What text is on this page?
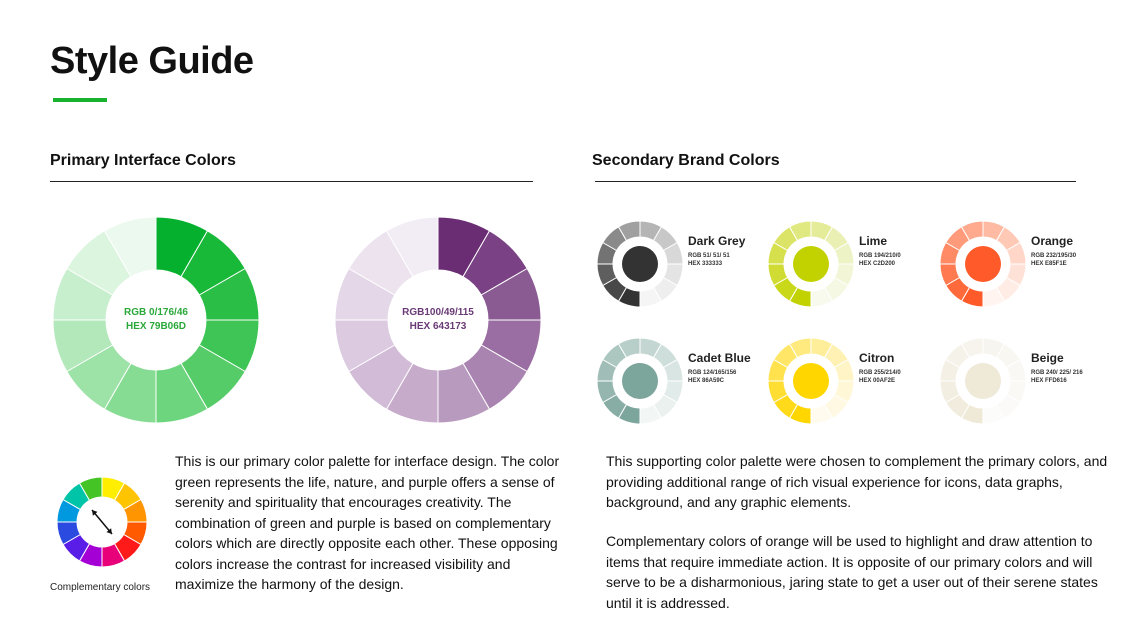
Style Guide
Primary Interface Colors	Secondary Brand Colors
RGB 0/176/46
HEX 79B06D
RGB100/49/115
HEX 643173
Dark Grey
RGB 51/ 51/ 51
HEX 333333
Lime
RGB 194/210/0
HEX C2D200
Orange
RGB 232/195/30
HEX E85F1E
Cadet Blue
RGB 124/165/156
HEX 86A59C
Citron
RGB 255/214/0
HEX 00AF2E
Beige
RGB 240/ 225/ 216
HEX FFD616
Complementary colors

This is our primary color palette for interface design. The color green represents the life, nature, and purple offers a sense of serenity and spirituality that encourages creativity. The combination of green and purple is based on complementary colors which are directly opposite each other. These opposing colors increase the contrast for increased visibility and maximize the harmony of the design.

This supporting color palette were chosen to complement the primary colors, and providing additional range of rich visual experience for icons, data graphs, background, and any graphic elements.

Complementary colors of orange will be used to highlight and draw attention to items that require immediate action. It is opposite of our primary colors and will serve to be a disharmonious, jaring state to get a user out of their serene states until it is addressed.
